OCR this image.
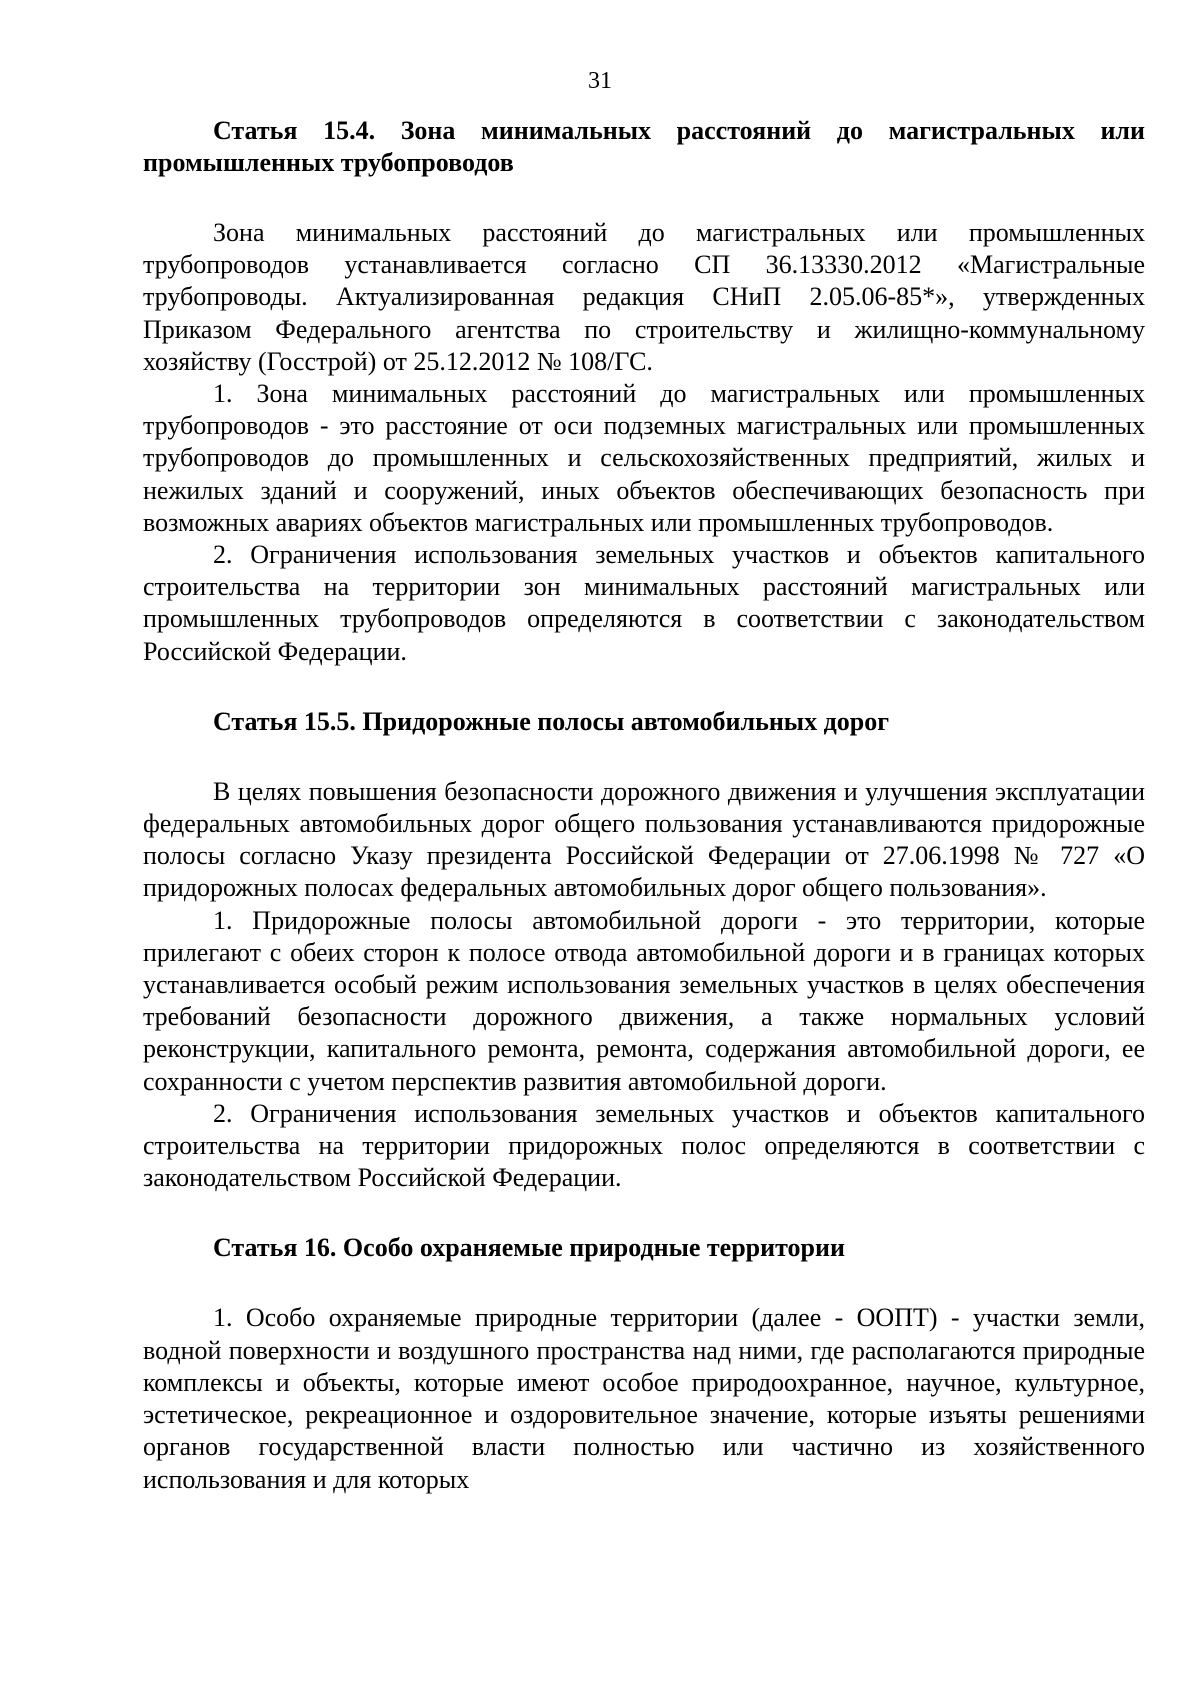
31
Статья 15.4. Зона минимальных расстояний до магистральных или промышленных трубопроводов

Зона минимальных расстояний до магистральных или промышленных трубопроводов устанавливается согласно СП 36.13330.2012 «Магистральные трубопроводы. Актуализированная редакция СНиП 2.05.06-85*», утвержденных Приказом Федерального агентства по строительству и жилищно-коммунальному хозяйству (Госстрой) от 25.12.2012 № 108/ГС.

1. Зона минимальных расстояний до магистральных или промышленных трубопроводов - это расстояние от оси подземных магистральных или промышленных трубопроводов до промышленных и сельскохозяйственных предприятий, жилых и нежилых зданий и сооружений, иных объектов обеспечивающих безопасность при возможных авариях объектов магистральных или промышленных трубопроводов.

2. Ограничения использования земельных участков и объектов капитального строительства на территории зон минимальных расстояний магистральных или промышленных трубопроводов определяются в соответствии с законодательством Российской Федерации.

Статья 15.5. Придорожные полосы автомобильных дорог

В целях повышения безопасности дорожного движения и улучшения эксплуатации федеральных автомобильных дорог общего пользования устанавливаются придорожные полосы согласно Указу президента Российской Федерации от 27.06.1998 № 727 «О придорожных полосах федеральных автомобильных дорог общего пользования».

1. Придорожные полосы автомобильной дороги - это территории, которые прилегают с обеих сторон к полосе отвода автомобильной дороги и в границах которых устанавливается особый режим использования земельных участков в целях обеспечения требований безопасности дорожного движения, а также нормальных условий реконструкции, капитального ремонта, ремонта, содержания автомобильной дороги, ее сохранности с учетом перспектив развития автомобильной дороги.

2. Ограничения использования земельных участков и объектов капитального строительства на территории придорожных полос определяются в соответствии с законодательством Российской Федерации.

Статья 16. Особо охраняемые природные территории

1. Особо охраняемые природные территории (далее - ООПТ) - участки земли, водной поверхности и воздушного пространства над ними, где располагаются природные комплексы и объекты, которые имеют особое природоохранное, научное, культурное, эстетическое, рекреационное и оздоровительное значение, которые изъяты решениями органов государственной власти полностью или частично из хозяйственного использования и для которых
